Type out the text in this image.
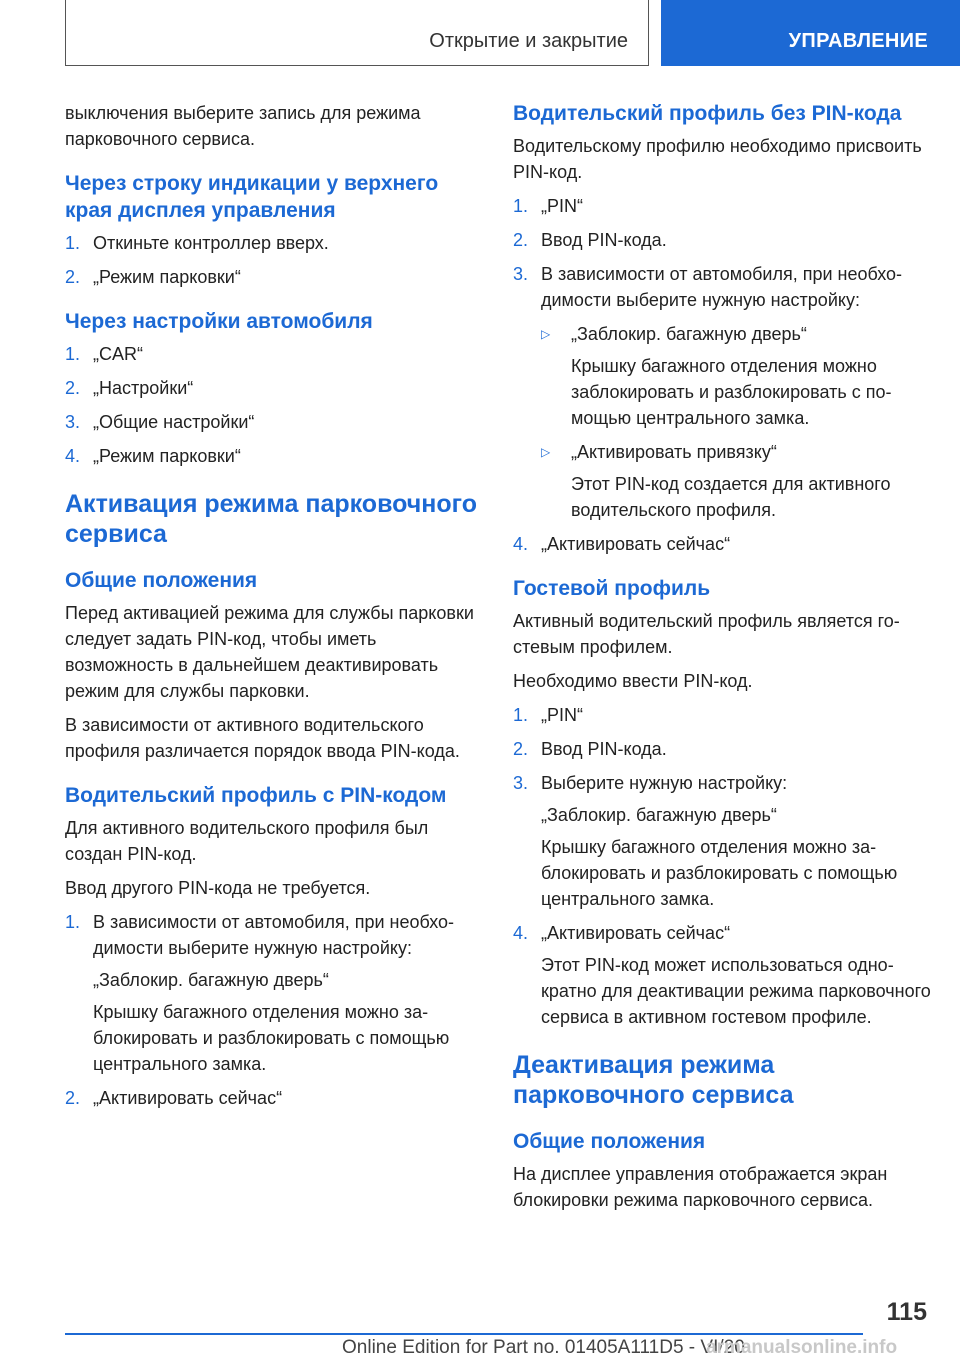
Открытие и закрытие	УПРАВЛЕНИЕ

выключения выберите запись для режима парковочного сервиса.

Через строку индикации у верхнего края дисплея управления
1. Откиньте контроллер вверх.
2. „Режим парковки“
Через настройки автомобиля
1. „CAR“
2. „Настройки“
3. „Общие настройки“
4. „Режим парковки“
Активация режима парковочного сервиса
Общие положения

Перед активацией режима для службы парковки следует задать PIN-код, чтобы иметь возможность в дальнейшем деактивировать режим для службы парковки.

В зависимости от активного водительского профиля различается порядок ввода PIN-кода.

Водительский профиль с PIN-кодом

Для активного водительского профиля был создан PIN-код.

Ввод другого PIN-кода не требуется.

1. В зависимости от автомобиля, при необходимости выберите нужную настройку:
„Заблокир. багажную дверь“
Крышку багажного отделения можно заблокировать и разблокировать с помощью центрального замка.
2. „Активировать сейчас“
Водительский профиль без PIN-кода

Водительскому профилю необходимо присвоить PIN-код.

1. „PIN“
2. Ввод PIN-кода.
3. В зависимости от автомобиля, при необходимости выберите нужную настройку:
▷ „Заблокир. багажную дверь“
Крышку багажного отделения можно заблокировать и разблокировать с помощью центрального замка.
▷ „Активировать привязку“
Этот PIN-код создается для активного водительского профиля.
4. „Активировать сейчас“
Гостевой профиль

Активный водительский профиль является гостевым профилем.

Необходимо ввести PIN-код.

1. „PIN“
2. Ввод PIN-кода.
3. Выберите нужную настройку:
„Заблокир. багажную дверь“
Крышку багажного отделения можно заблокировать и разблокировать с помощью центрального замка.
4. „Активировать сейчас“
Этот PIN-код может использоваться однократно для деактивации режима парковочного сервиса в активном гостевом профиле.
Деактивация режима парковочного сервиса
Общие положения

На дисплее управления отображается экран блокировки режима парковочного сервиса.

115
Online Edition for Part no. 01405A111D5 - VI/20
armanualsonline.info
